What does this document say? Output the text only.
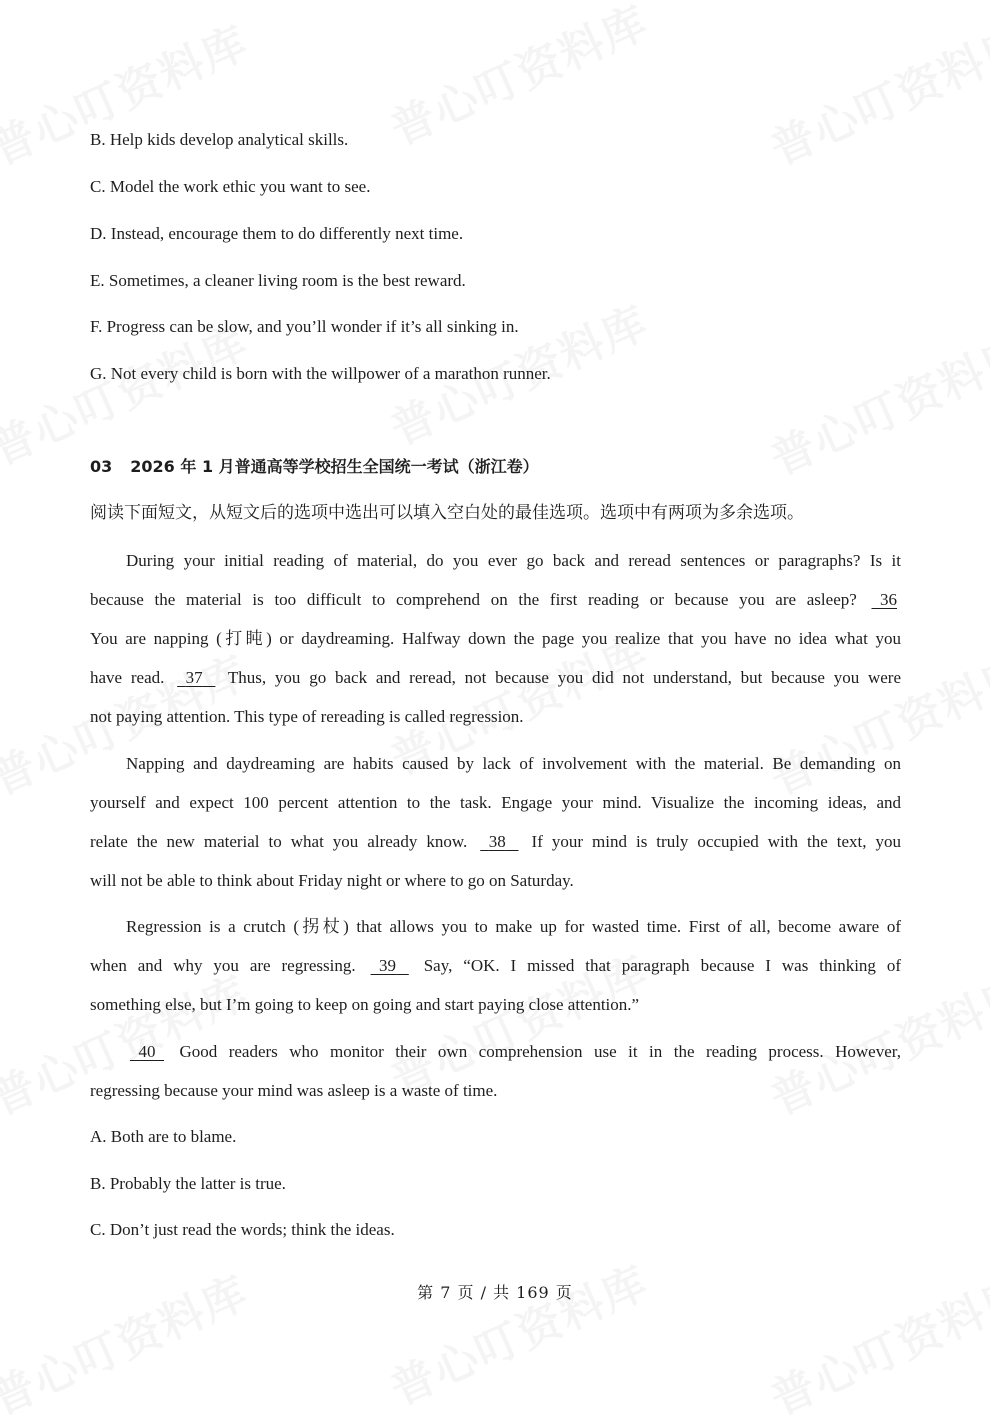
B. Help kids develop analytical skills.
C. Model the work ethic you want to see.
D. Instead, encourage them to do differently next time.
E. Sometimes, a cleaner living room is the best reward.
F. Progress can be slow, and you’ll wonder if it’s all sinking in.
G. Not every child is born with the willpower of a marathon runner.
03 2026 年 1 月普通高等学校招生全国统一考试（浙江卷）
阅读下面短文，从短文后的选项中选出可以填入空白处的最佳选项。选项中有两项为多余选项。
During your initial reading of material, do you ever go back and reread sentences or paragraphs? Is it
because the material is too difficult to comprehend on the first reading or because you are asleep? 36
You are napping (打盹) or daydreaming. Halfway down the page you realize that you have no idea what you
have read. 37 Thus, you go back and reread, not because you did not understand, but because you were
not paying attention. This type of rereading is called regression.
Napping and daydreaming are habits caused by lack of involvement with the material. Be demanding on
yourself and expect 100 percent attention to the task. Engage your mind. Visualize the incoming ideas, and
relate the new material to what you already know. 38 If your mind is truly occupied with the text, you
will not be able to think about Friday night or where to go on Saturday.
Regression is a crutch (拐杖) that allows you to make up for wasted time. First of all, become aware of
when and why you are regressing. 39 Say, “OK. I missed that paragraph because I was thinking of
something else, but I’m going to keep on going and start paying close attention.”
40 Good readers who monitor their own comprehension use it in the reading process. However,
regressing because your mind was asleep is a waste of time.
A. Both are to blame.
B. Probably the latter is true.
C. Don’t just read the words; think the ideas.
第 7 页 / 共 169 页
